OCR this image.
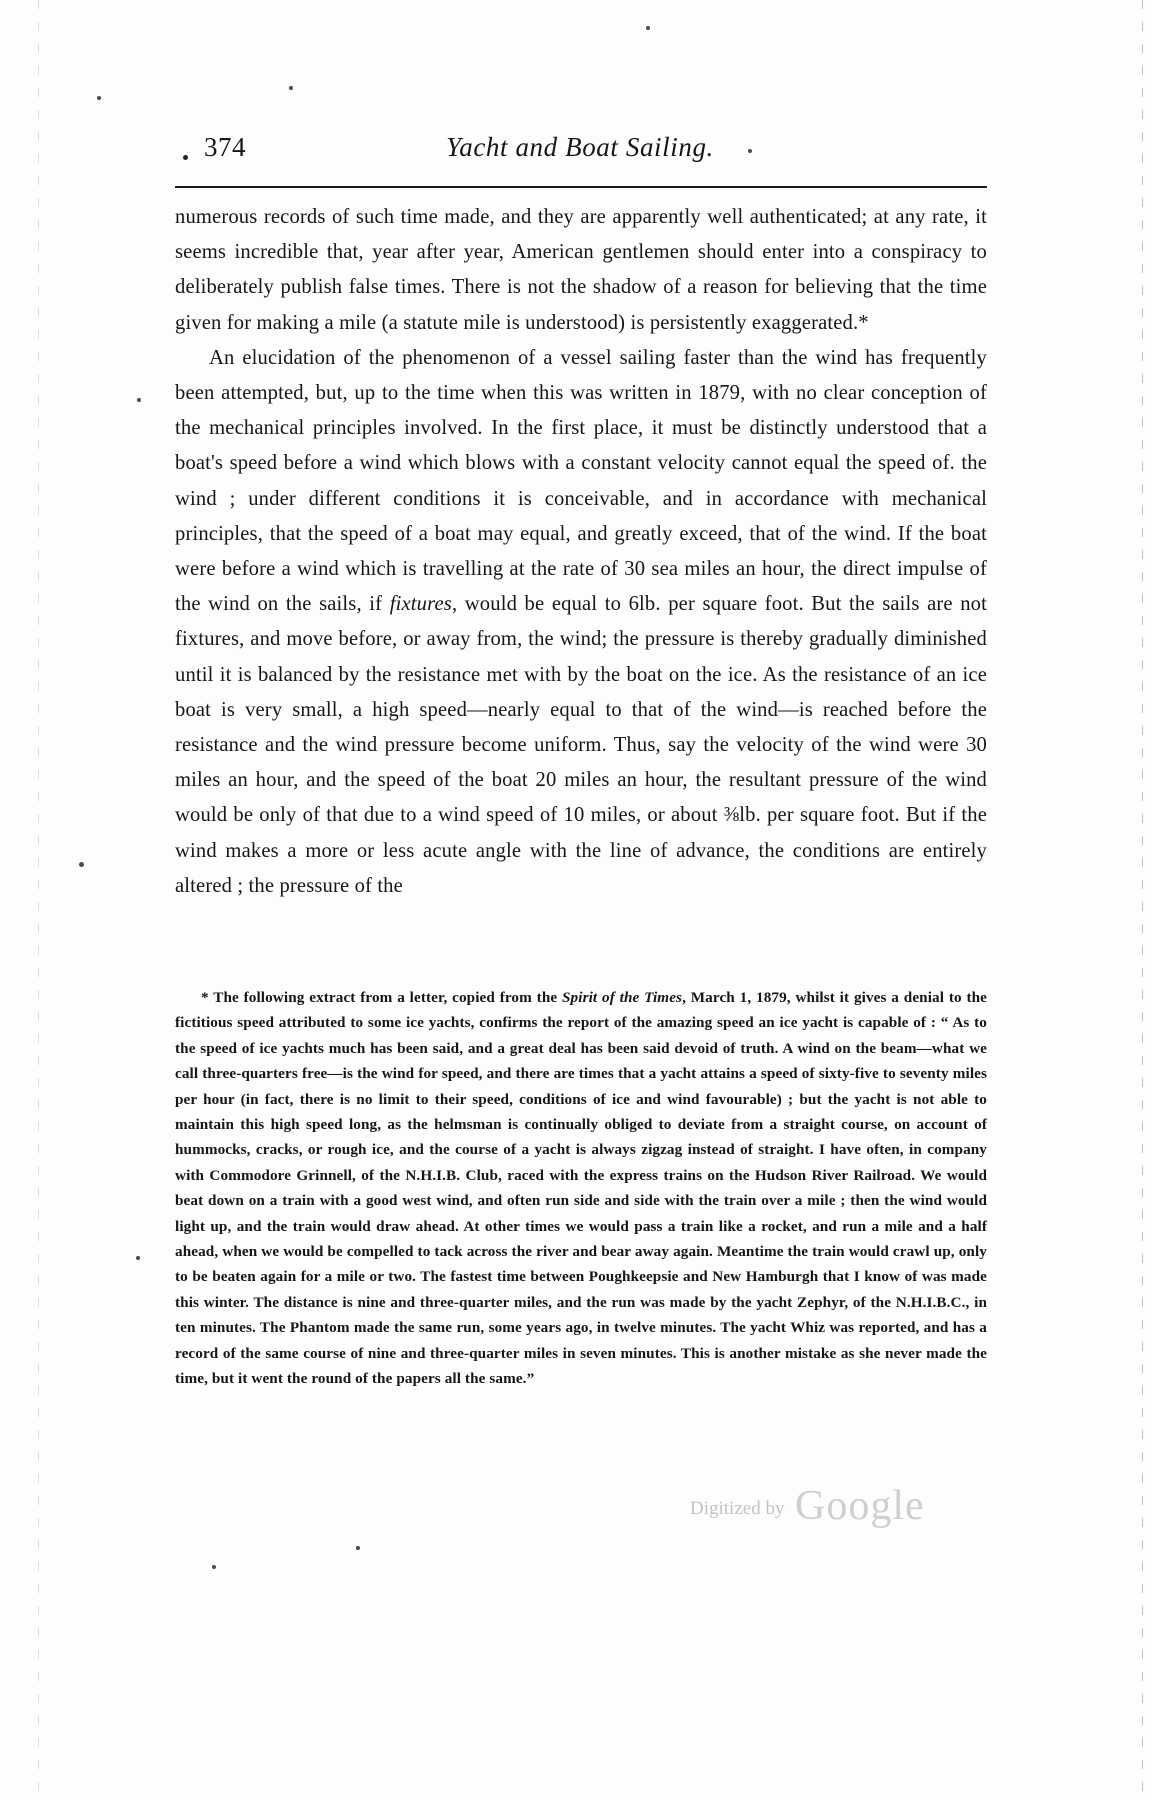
374	Yacht and Boat Sailing.

numerous records of such time made, and they are apparently well authenticated; at any rate, it seems incredible that, year after year, American gentlemen should enter into a conspiracy to deliberately publish false times. There is not the shadow of a reason for believing that the time given for making a mile (a statute mile is understood) is persistently exaggerated.*

An elucidation of the phenomenon of a vessel sailing faster than the wind has frequently been attempted, but, up to the time when this was written in 1879, with no clear conception of the mechanical principles involved. In the first place, it must be distinctly understood that a boat's speed before a wind which blows with a constant velocity cannot equal the speed of. the wind ; under different conditions it is conceivable, and in accordance with mechanical principles, that the speed of a boat may equal, and greatly exceed, that of the wind. If the boat were before a wind which is travelling at the rate of 30 sea miles an hour, the direct impulse of the wind on the sails, if fixtures, would be equal to 6lb. per square foot. But the sails are not fixtures, and move before, or away from, the wind; the pressure is thereby gradually diminished until it is balanced by the resistance met with by the boat on the ice. As the resistance of an ice boat is very small, a high speed—nearly equal to that of the wind—is reached before the resistance and the wind pressure become uniform. Thus, say the velocity of the wind were 30 miles an hour, and the speed of the boat 20 miles an hour, the resultant pressure of the wind would be only of that due to a wind speed of 10 miles, or about ⅜lb. per square foot. But if the wind makes a more or less acute angle with the line of advance, the conditions are entirely altered ; the pressure of the

* The following extract from a letter, copied from the Spirit of the Times, March 1, 1879, whilst it gives a denial to the fictitious speed attributed to some ice yachts, confirms the report of the amazing speed an ice yacht is capable of : “ As to the speed of ice yachts much has been said, and a great deal has been said devoid of truth. A wind on the beam—what we call three-quarters free—is the wind for speed, and there are times that a yacht attains a speed of sixty-five to seventy miles per hour (in fact, there is no limit to their speed, conditions of ice and wind favourable) ; but the yacht is not able to maintain this high speed long, as the helmsman is continually obliged to deviate from a straight course, on account of hummocks, cracks, or rough ice, and the course of a yacht is always zigzag instead of straight. I have often, in company with Commodore Grinnell, of the N.H.I.B. Club, raced with the express trains on the Hudson River Railroad. We would beat down on a train with a good west wind, and often run side and side with the train over a mile ; then the wind would light up, and the train would draw ahead. At other times we would pass a train like a rocket, and run a mile and a half ahead, when we would be compelled to tack across the river and bear away again. Meantime the train would crawl up, only to be beaten again for a mile or two. The fastest time between Poughkeepsie and New Hamburgh that I know of was made this winter. The distance is nine and three-quarter miles, and the run was made by the yacht Zephyr, of the N.H.I.B.C., in ten minutes. The Phantom made the same run, some years ago, in twelve minutes. The yacht Whiz was reported, and has a record of the same course of nine and three-quarter miles in seven minutes. This is another mistake as she never made the time, but it went the round of the papers all the same.”

Digitized by Google
